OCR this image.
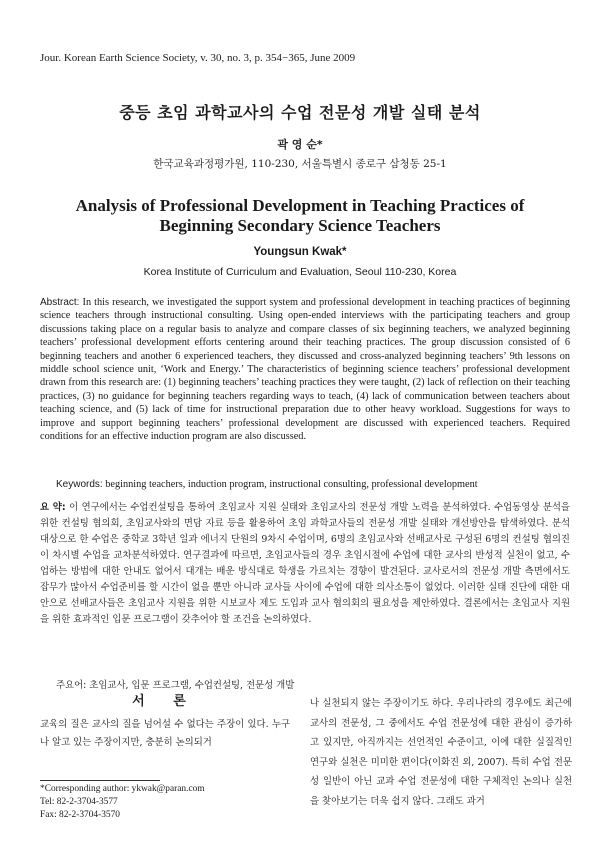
Jour. Korean Earth Science Society, v. 30, no. 3, p. 354−365, June 2009
중등 초임 과학교사의 수업 전문성 개발 실태 분석
곽 영 순*
한국교육과정평가원, 110-230, 서울특별시 종로구 삼청동 25-1
Analysis of Professional Development in Teaching Practices of
Beginning Secondary Science Teachers
Youngsun Kwak*
Korea Institute of Curriculum and Evaluation, Seoul 110-230, Korea
Abstract: In this research, we investigated the support system and professional development in teaching practices of beginning science teachers through instructional consulting. Using open-ended interviews with the participating teachers and group discussions taking place on a regular basis to analyze and compare classes of six beginning teachers, we analyzed beginning teachers’ professional development efforts centering around their teaching practices. The group discussion consisted of 6 beginning teachers and another 6 experienced teachers, they discussed and cross-analyzed beginning teachers’ 9th lessons on middle school science unit, ‘Work and Energy.’ The characteristics of beginning science teachers’ professional development drawn from this research are: (1) beginning teachers’ teaching practices they were taught, (2) lack of reflection on their teaching practices, (3) no guidance for beginning teachers regarding ways to teach, (4) lack of communication between teachers about teaching science, and (5) lack of time for instructional preparation due to other heavy workload. Suggestions for ways to improve and support beginning teachers’ professional development are discussed with experienced teachers. Required conditions for an effective induction program are also discussed.
Keywords: beginning teachers, induction program, instructional consulting, professional development
요 약: 이 연구에서는 수업컨설팅을 통하여 초임교사 지원 실태와 초임교사의 전문성 개발 노력을 분석하였다. 수업동영상 분석을 위한 컨설팅 협의회, 초임교사와의 면담 자료 등을 활용하여 초임 과학교사들의 전문성 개발 실태와 개선방안을 탐색하였다. 분석대상으로 한 수업은 중학교 3학년 일과 에너지 단원의 9차시 수업이며, 6명의 초임교사와 선배교사로 구성된 6명의 컨설팅 협의진이 차시별 수업을 교차분석하였다. 연구결과에 따르면, 초임교사들의 경우 초임시절에 수업에 대한 교사의 반성적 실천이 없고, 수업하는 방법에 대한 안내도 없어서 대개는 배운 방식대로 학생을 가르치는 경향이 발견된다. 교사로서의 전문성 개발 측면에서도 잡무가 많아서 수업준비를 할 시간이 없을 뿐만 아니라 교사들 사이에 수업에 대한 의사소통이 없었다. 이러한 실태 진단에 대한 대안으로 선배교사들은 초임교사 지원을 위한 시보교사 제도 도입과 교사 협의회의 필요성을 제안하였다. 결론에서는 초임교사 지원을 위한 효과적인 입문 프로그램이 갖추어야 할 조건을 논의하였다.
주요어: 초임교사, 입문 프로그램, 수업컨설팅, 전문성 개발
서 론
교육의 질은 교사의 질을 넘어설 수 없다는 주장이 있다. 누구나 알고 있는 주장이지만, 충분히 논의되거
나 실천되지 않는 주장이기도 하다. 우리나라의 경우에도 최근에 교사의 전문성, 그 중에서도 수업 전문성에 대한 관심이 증가하고 있지만, 아직까지는 선언적인 수준이고, 이에 대한 실질적인 연구와 실천은 미미한 편이다(이화진 외, 2007). 특히 수업 전문성 일반이 아닌 교과 수업 전문성에 대한 구체적인 논의나 실천을 찾아보기는 더욱 쉽지 않다. 그래도 과거
*Corresponding author: ykwak@paran.com
Tel: 82-2-3704-3577
Fax: 82-2-3704-3570
